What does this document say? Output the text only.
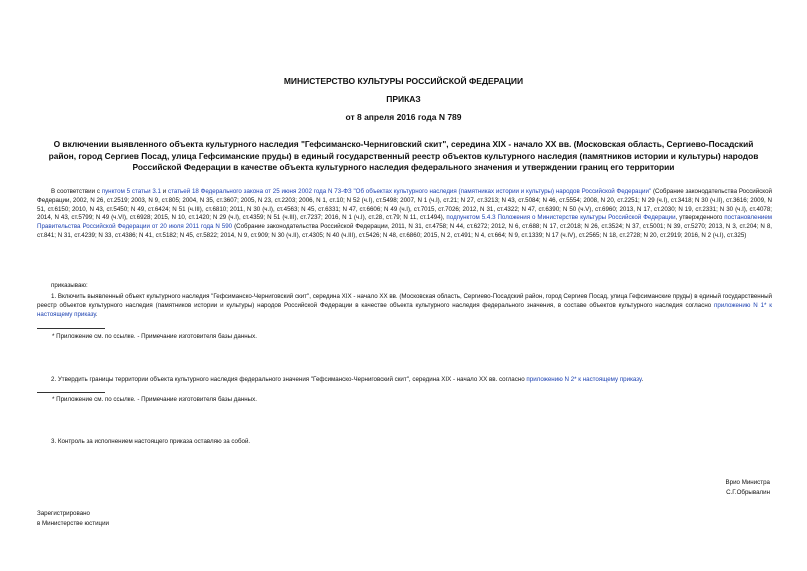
МИНИСТЕРСТВО КУЛЬТУРЫ РОССИЙСКОЙ ФЕДЕРАЦИИ
ПРИКАЗ
от 8 апреля 2016 года N 789
О включении выявленного объекта культурного наследия "Гефсиманско-Черниговский скит", середина XIX - начало XX вв. (Московская область, Сергиево-Посадский район, город Сергиев Посад, улица Гефсиманские пруды) в единый государственный реестр объектов культурного наследия (памятников истории и культуры) народов Российской Федерации в качестве объекта культурного наследия федерального значения и утверждении границ его территории
В соответствии с пунктом 5 статьи 3.1 и статьей 18 Федерального закона от 25 июня 2002 года N 73-ФЗ "Об объектах культурного наследия (памятниках истории и культуры) народов Российской Федерации" (Собрание законодательства Российской Федерации, 2002, N 26, ст.2519; 2003, N 9, ст.805; 2004, N 35, ст.3607; 2005, N 23, ст.2203; 2006, N 1, ст.10; N 52 (ч.I), ст.5498; 2007, N 1 (ч.I), ст.21; N 27, ст.3213; N 43, ст.5084; N 46, ст.5554; 2008, N 20, ст.2251; N 29 (ч.I), ст.3418; N 30 (ч.II), ст.3616; 2009, N 51, ст.6150; 2010, N 43, ст.5450; N 49, ст.6424; N 51 (ч.III), ст.6810; 2011, N 30 (ч.I), ст.4563; N 45, ст.6331; N 47, ст.6606; N 49 (ч.I), ст.7015, ст.7026; 2012, N 31, ст.4322; N 47, ст.6390; N 50 (ч.V), ст.6960; 2013, N 17, ст.2030; N 19, ст.2331; N 30 (ч.I), ст.4078; 2014, N 43, ст.5799; N 49 (ч.VI), ст.6928; 2015, N 10, ст.1420; N 29 (ч.I), ст.4359; N 51 (ч.III), ст.7237; 2016, N 1 (ч.I), ст.28, ст.79; N 11, ст.1494), подпунктом 5.4.3 Положения о Министерстве культуры Российской Федерации, утвержденного постановлением Правительства Российской Федерации от 20 июля 2011 года N 590 (Собрание законодательства Российской Федерации, 2011, N 31, ст.4758; N 44, ст.6272; 2012, N 6, ст.688; N 17, ст.2018; N 26, ст.3524; N 37, ст.5001; N 39, ст.5270; 2013, N 3, ст.204; N 8, ст.841; N 31, ст.4239; N 33, ст.4386; N 41, ст.5182; N 45, ст.5822; 2014, N 9, ст.909; N 30 (ч.II), ст.4305; N 40 (ч.III), ст.5426; N 48, ст.6860; 2015, N 2, ст.491; N 4, ст.664; N 9, ст.1339; N 17 (ч.IV), ст.2565; N 18, ст.2728; N 20, ст.2919; 2016, N 2 (ч.I), ст.325)
приказываю:
1. Включить выявленный объект культурного наследия "Гефсиманско-Черниговский скит", середина XIX - начало XX вв. (Московская область, Сергиево-Посадский район, город Сергиев Посад, улица Гефсиманские пруды) в единый государственный реестр объектов культурного наследия (памятников истории и культуры) народов Российской Федерации в качестве объекта культурного наследия федерального значения, в составе объектов культурного наследия согласно приложению N 1* к настоящему приказу.
* Приложение см. по ссылке. - Примечание изготовителя базы данных.
2. Утвердить границы территории объекта культурного наследия федерального значения "Гефсиманско-Черниговский скит", середина XIX - начало XX вв. согласно приложению N 2* к настоящему приказу.
* Приложение см. по ссылке. - Примечание изготовителя базы данных.
3. Контроль за исполнением настоящего приказа оставляю за собой.
Врио Министра
С.Г.Обрывалин
Зарегистрировано
в Министерстве юстиции
